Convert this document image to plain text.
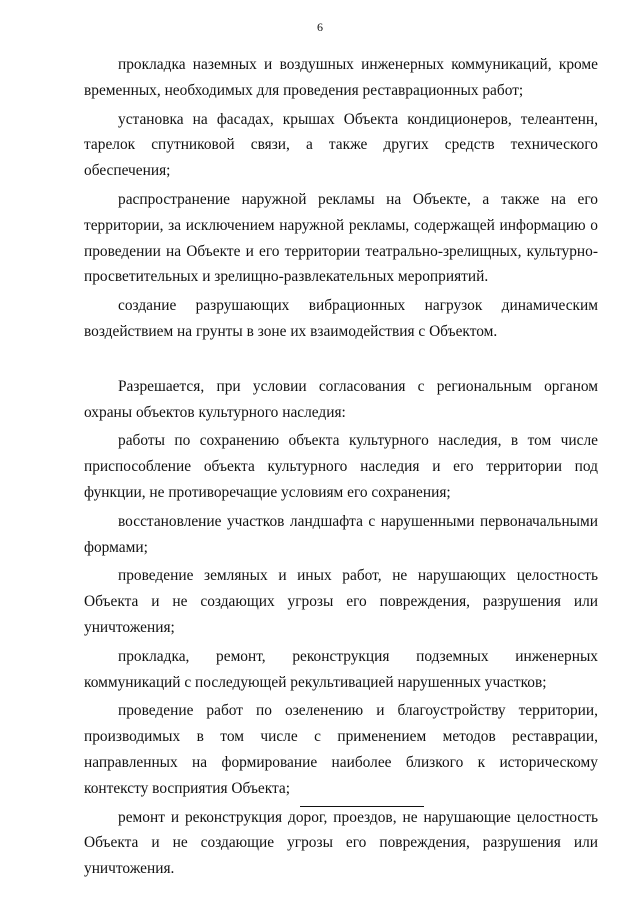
6

прокладка наземных и воздушных инженерных коммуникаций, кроме временных, необходимых для проведения реставрационных работ;

установка на фасадах, крышах Объекта кондиционеров, телеантенн, тарелок спутниковой связи, а также других средств технического обеспечения;

распространение наружной рекламы на Объекте, а также на его территории, за исключением наружной рекламы, содержащей информацию о проведении на Объекте и его территории театрально-зрелищных, культурно-просветительных и зрелищно-развлекательных мероприятий.

создание разрушающих вибрационных нагрузок динамическим воздействием на грунты в зоне их взаимодействия с Объектом.

Разрешается, при условии согласования с региональным органом охраны объектов культурного наследия:

работы по сохранению объекта культурного наследия, в том числе приспособление объекта культурного наследия и его территории под функции, не противоречащие условиям его сохранения;

восстановление участков ландшафта с нарушенными первоначальными формами;

проведение земляных и иных работ, не нарушающих целостность Объекта и не создающих угрозы его повреждения, разрушения или уничтожения;

прокладка, ремонт, реконструкция подземных инженерных коммуникаций с последующей рекультивацией нарушенных участков;

проведение работ по озеленению и благоустройству территории, производимых в том числе с применением методов реставрации, направленных на формирование наиболее близкого к историческому контексту восприятия Объекта;

ремонт и реконструкция дорог, проездов, не нарушающие целостность Объекта и не создающие угрозы его повреждения, разрушения или уничтожения.
